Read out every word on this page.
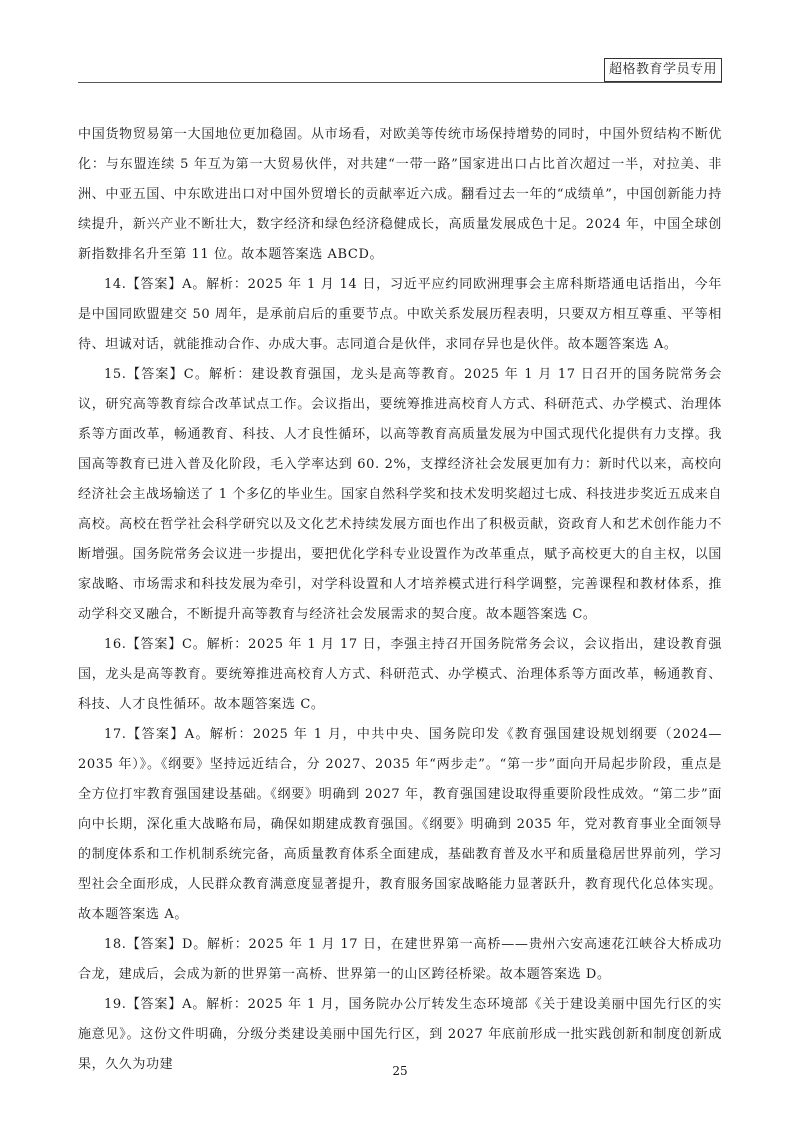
超格教育学员专用

中国货物贸易第一大国地位更加稳固。从市场看，对欧美等传统市场保持增势的同时，中国外贸结构不断优化：与东盟连续 5 年互为第一大贸易伙伴，对共建“一带一路”国家进出口占比首次超过一半，对拉美、非洲、中亚五国、中东欧进出口对中国外贸增长的贡献率近六成。翻看过去一年的“成绩单”，中国创新能力持续提升，新兴产业不断壮大，数字经济和绿色经济稳健成长，高质量发展成色十足。2024 年，中国全球创新指数排名升至第 11 位。故本题答案选 ABCD。

14.【答案】A。解析：2025 年 1 月 14 日，习近平应约同欧洲理事会主席科斯塔通电话指出，今年是中国同欧盟建交 50 周年，是承前启后的重要节点。中欧关系发展历程表明，只要双方相互尊重、平等相待、坦诚对话，就能推动合作、办成大事。志同道合是伙伴，求同存异也是伙伴。故本题答案选 A。

15.【答案】C。解析：建设教育强国，龙头是高等教育。2025 年 1 月 17 日召开的国务院常务会议，研究高等教育综合改革试点工作。会议指出，要统筹推进高校育人方式、科研范式、办学模式、治理体系等方面改革，畅通教育、科技、人才良性循环，以高等教育高质量发展为中国式现代化提供有力支撑。我国高等教育已进入普及化阶段，毛入学率达到 60. 2%，支撑经济社会发展更加有力：新时代以来，高校向经济社会主战场输送了 1 个多亿的毕业生。国家自然科学奖和技术发明奖超过七成、科技进步奖近五成来自高校。高校在哲学社会科学研究以及文化艺术持续发展方面也作出了积极贡献，资政育人和艺术创作能力不断增强。国务院常务会议进一步提出，要把优化学科专业设置作为改革重点，赋予高校更大的自主权，以国家战略、市场需求和科技发展为牵引，对学科设置和人才培养模式进行科学调整，完善课程和教材体系，推动学科交叉融合，不断提升高等教育与经济社会发展需求的契合度。故本题答案选 C。

16.【答案】C。解析：2025 年 1 月 17 日，李强主持召开国务院常务会议，会议指出，建设教育强国，龙头是高等教育。要统筹推进高校育人方式、科研范式、办学模式、治理体系等方面改革，畅通教育、科技、人才良性循环。故本题答案选 C。

17.【答案】A。解析：2025 年 1 月，中共中央、国务院印发《教育强国建设规划纲要（2024—2035 年）》。《纲要》坚持远近结合，分 2027、2035 年“两步走”。“第一步”面向开局起步阶段，重点是全方位打牢教育强国建设基础。《纲要》明确到 2027 年，教育强国建设取得重要阶段性成效。“第二步”面向中长期，深化重大战略布局，确保如期建成教育强国。《纲要》明确到 2035 年，党对教育事业全面领导的制度体系和工作机制系统完备，高质量教育体系全面建成，基础教育普及水平和质量稳居世界前列，学习型社会全面形成，人民群众教育满意度显著提升，教育服务国家战略能力显著跃升，教育现代化总体实现。故本题答案选 A。

18.【答案】D。解析：2025 年 1 月 17 日，在建世界第一高桥——贵州六安高速花江峡谷大桥成功合龙，建成后，会成为新的世界第一高桥、世界第一的山区跨径桥梁。故本题答案选 D。

19.【答案】A。解析：2025 年 1 月，国务院办公厅转发生态环境部《关于建设美丽中国先行区的实施意见》。这份文件明确，分级分类建设美丽中国先行区，到 2027 年底前形成一批实践创新和制度创新成果，久久为功建	25
